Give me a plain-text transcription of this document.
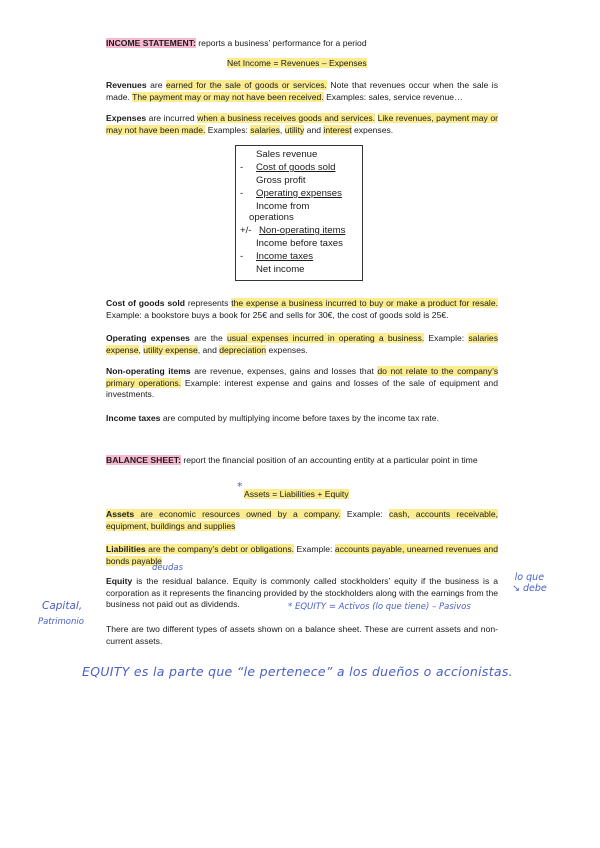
INCOME STATEMENT: reports a business’ performance for a period
Net Income = Revenues – Expenses
Revenues are earned for the sale of goods or services. Note that revenues occur when the sale is made. The payment may or may not have been received. Examples: sales, service revenue…
Expenses are incurred when a business receives goods and services. Like revenues, payment may or may not have been made. Examples: salaries, utility and interest expenses.
Sales revenue
- Cost of goods sold
Gross profit
- Operating expenses
Income from
operations
+/- Non-operating items
Income before taxes
- Income taxes
Net income
Cost of goods sold represents the expense a business incurred to buy or make a product for resale. Example: a bookstore buys a book for 25€ and sells for 30€, the cost of goods sold is 25€.
Operating expenses are the usual expenses incurred in operating a business. Example: salaries expense, utility expense, and depreciation expenses.
Non-operating items are revenue, expenses, gains and losses that do not relate to the company’s primary operations. Example: interest expense and gains and losses of the sale of equipment and investments.
Income taxes are computed by multiplying income before taxes by the income tax rate.
BALANCE SHEET: report the financial position of an accounting entity at a particular point in time
*
Assets = Liabilities + Equity
Assets are economic resources owned by a company. Example: cash, accounts receivable, equipment, buildings and supplies
Liabilities are the company’s debt or obligations. Example: accounts payable, unearned revenues and bonds payable
deudas
Equity is the residual balance. Equity is commonly called stockholders’ equity if the business is a corporation as it represents the financing provided by the stockholders along with the earnings from the business not paid out as dividends.	* EQUITY = Activos (lo que tiene) – Pasivos
lo que
↘ debe
Capital,
Patrimonio
There are two different types of assets shown on a balance sheet. These are current assets and non-current assets.
EQUITY es la parte que “le pertenece” a los dueños o accionistas.
